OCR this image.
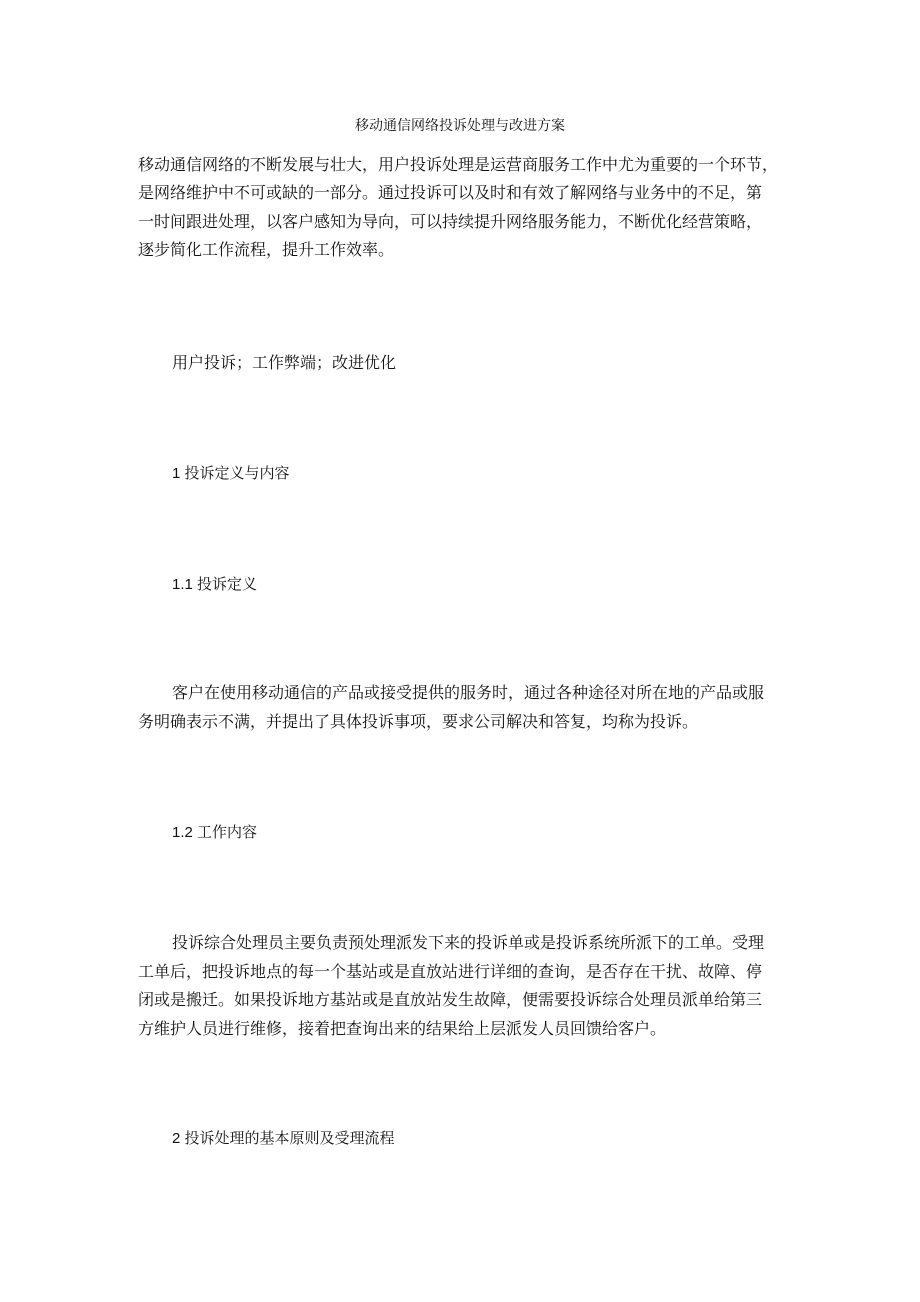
移动通信网络投诉处理与改进方案
移动通信网络的不断发展与壮大，用户投诉处理是运营商服务工作中尤为重要的一个环节，
是网络维护中不可或缺的一部分。通过投诉可以及时和有效了解网络与业务中的不足，第
一时间跟进处理，以客户感知为导向，可以持续提升网络服务能力，不断优化经营策略，
逐步简化工作流程，提升工作效率。
用户投诉；工作弊端；改进优化
1 投诉定义与内容
1.1 投诉定义
客户在使用移动通信的产品或接受提供的服务时，通过各种途径对所在地的产品或服
务明确表示不满，并提出了具体投诉事项，要求公司解决和答复，均称为投诉。
1.2 工作内容
投诉综合处理员主要负责预处理派发下来的投诉单或是投诉系统所派下的工单。受理
工单后，把投诉地点的每一个基站或是直放站进行详细的查询，是否存在干扰、故障、停
闭或是搬迁。如果投诉地方基站或是直放站发生故障，便需要投诉综合处理员派单给第三
方维护人员进行维修，接着把查询出来的结果给上层派发人员回馈给客户。
2 投诉处理的基本原则及受理流程
